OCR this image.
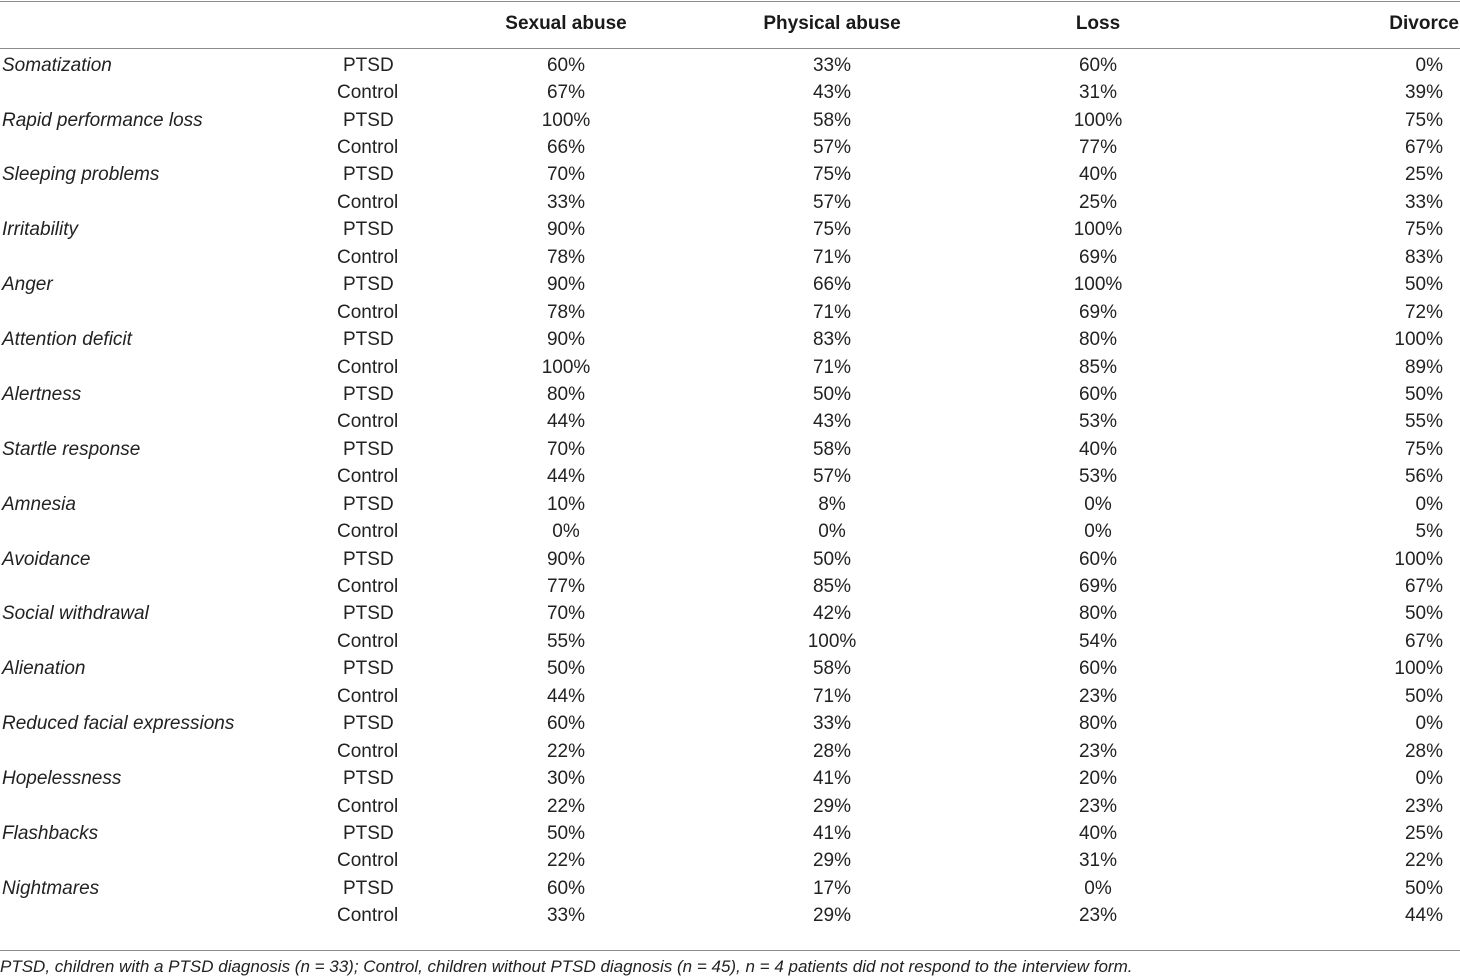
		Sexual abuse	Physical abuse	Loss	Divorce
Somatization	PTSD	60%	33%	60%	0%
	Control	67%	43%	31%	39%
Rapid performance loss	PTSD	100%	58%	100%	75%
	Control	66%	57%	77%	67%
Sleeping problems	PTSD	70%	75%	40%	25%
	Control	33%	57%	25%	33%
Irritability	PTSD	90%	75%	100%	75%
	Control	78%	71%	69%	83%
Anger	PTSD	90%	66%	100%	50%
	Control	78%	71%	69%	72%
Attention deficit	PTSD	90%	83%	80%	100%
	Control	100%	71%	85%	89%
Alertness	PTSD	80%	50%	60%	50%
	Control	44%	43%	53%	55%
Startle response	PTSD	70%	58%	40%	75%
	Control	44%	57%	53%	56%
Amnesia	PTSD	10%	8%	0%	0%
	Control	0%	0%	0%	5%
Avoidance	PTSD	90%	50%	60%	100%
	Control	77%	85%	69%	67%
Social withdrawal	PTSD	70%	42%	80%	50%
	Control	55%	100%	54%	67%
Alienation	PTSD	50%	58%	60%	100%
	Control	44%	71%	23%	50%
Reduced facial expressions	PTSD	60%	33%	80%	0%
	Control	22%	28%	23%	28%
Hopelessness	PTSD	30%	41%	20%	0%
	Control	22%	29%	23%	23%
Flashbacks	PTSD	50%	41%	40%	25%
	Control	22%	29%	31%	22%
Nightmares	PTSD	60%	17%	0%	50%
	Control	33%	29%	23%	44%
PTSD, children with a PTSD diagnosis (n = 33); Control, children without PTSD diagnosis (n = 45), n = 4 patients did not respond to the interview form.
